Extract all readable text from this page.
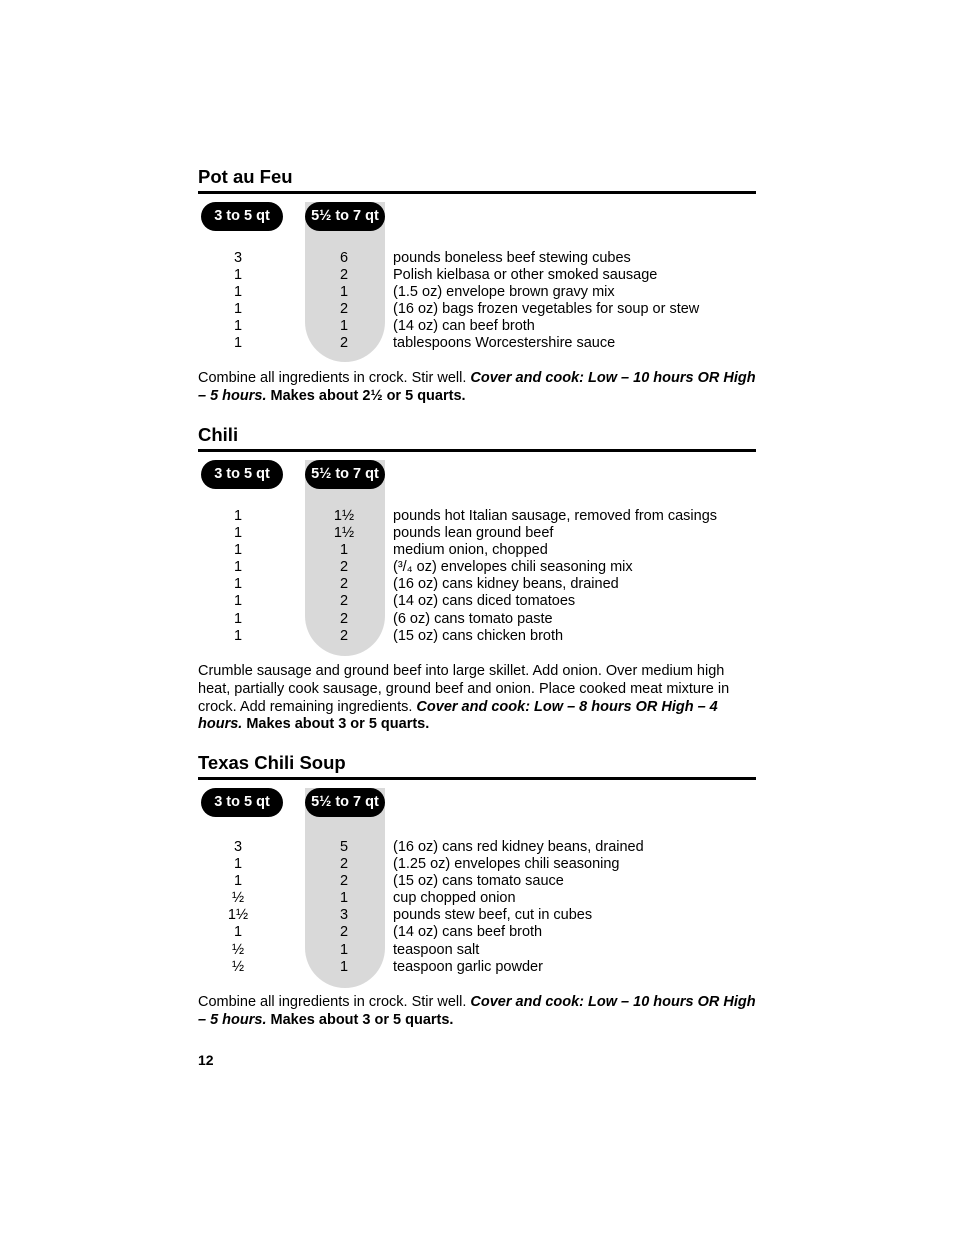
Pot au Feu
3 to 5 qt	5½ to 7 qt
3	6	pounds boneless beef stewing cubes
1	2	Polish kielbasa or other smoked sausage
1	1	(1.5 oz) envelope brown gravy mix
1	2	(16 oz) bags frozen vegetables for soup or stew
1	1	(14 oz) can beef broth
1	2	tablespoons Worcestershire sauce

Combine all ingredients in crock. Stir well. Cover and cook: Low – 10 hours OR High – 5 hours. Makes about 2½ or 5 quarts.

Chili
3 to 5 qt	5½ to 7 qt
1	1½	pounds hot Italian sausage, removed from casings
1	1½	pounds lean ground beef
1	1	medium onion, chopped
1	2	(³/₄ oz) envelopes chili seasoning mix
1	2	(16 oz) cans kidney beans, drained
1	2	(14 oz) cans diced tomatoes
1	2	(6 oz) cans tomato paste
1	2	(15 oz) cans chicken broth

Crumble sausage and ground beef into large skillet. Add onion. Over medium high heat, partially cook sausage, ground beef and onion. Place cooked meat mixture in crock. Add remaining ingredients. Cover and cook: Low – 8 hours OR High – 4 hours. Makes about 3 or 5 quarts.

Texas Chili Soup
3 to 5 qt	5½ to 7 qt
3	5	(16 oz) cans red kidney beans, drained
1	2	(1.25 oz) envelopes chili seasoning
1	2	(15 oz) cans tomato sauce
½	1	cup chopped onion
1½	3	pounds stew beef, cut in cubes
1	2	(14 oz) cans beef broth
½	1	teaspoon salt
½	1	teaspoon garlic powder

Combine all ingredients in crock. Stir well. Cover and cook: Low – 10 hours OR High – 5 hours. Makes about 3 or 5 quarts.

12
